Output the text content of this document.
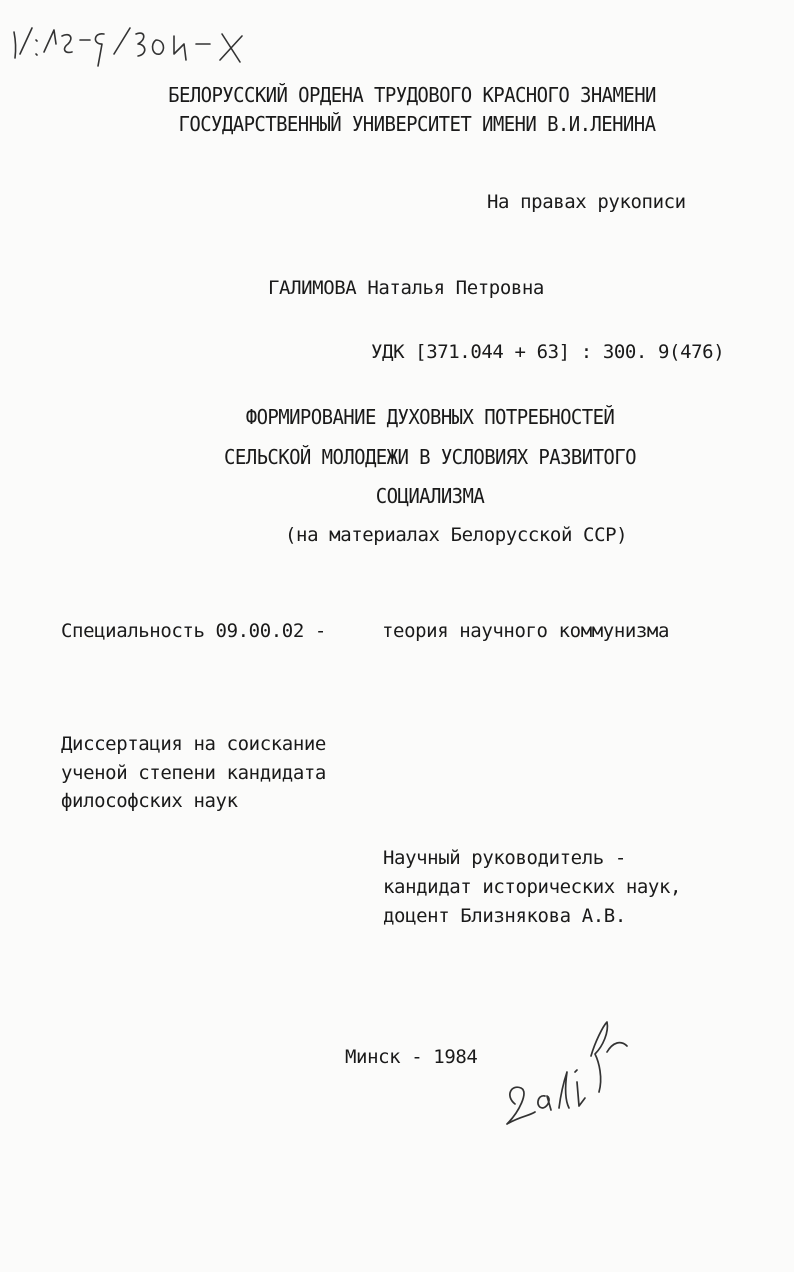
Д/:85-9/504-Х
БЕЛОРУССКИЙ ОРДЕНА ТРУДОВОГО КРАСНОГО ЗНАМЕНИ
ГОСУДАРСТВЕННЫЙ УНИВЕРСИТЕТ ИМЕНИ В.И.ЛЕНИНА
На правах рукописи
ГАЛИМОВА Наталья Петровна
УДК [371.044 + 63] : 300. 9(476)
ФОРМИРОВАНИЕ ДУХОВНЫХ ПОТРЕБНОСТЕЙ
СЕЛЬСКОЙ МОЛОДЕЖИ В УСЛОВИЯХ РАЗВИТОГО
СОЦИАЛИЗМА
(на материалах Белорусской ССР)
Специальность 09.00.02 -	теория научного коммунизма
Диссертация на соискание
ученой степени кандидата
философских наук
Научный руководитель -
кандидат исторических наук,
доцент Близнякова А.В.
Минск - 1984
Галиб
